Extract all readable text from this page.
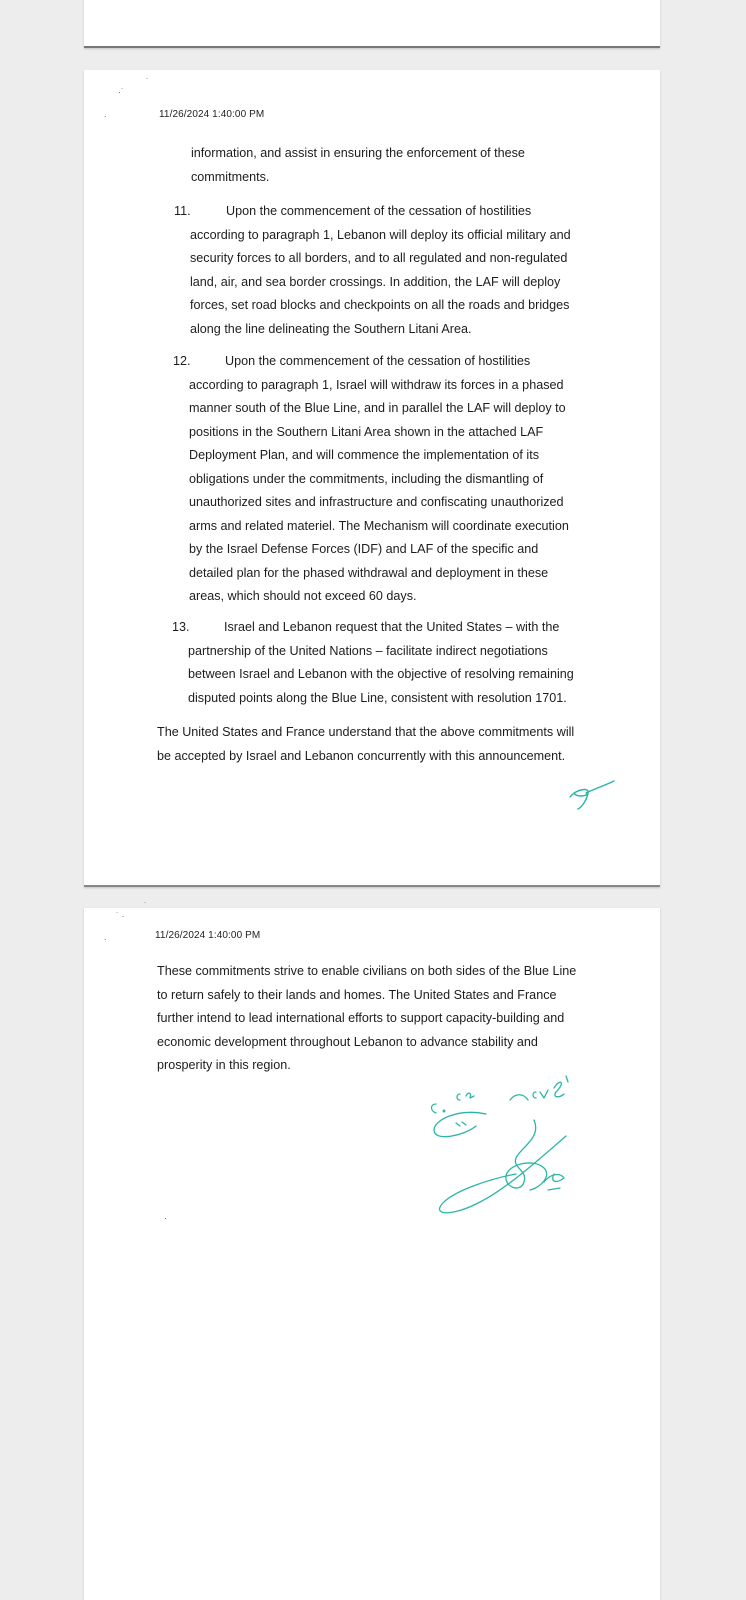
·˙
˙
.	11/26/2024 1:40:00 PM

information, and assist in ensuring the enforcement of these
commitments.

11.	Upon the commencement of the cessation of hostilities
according to paragraph 1, Lebanon will deploy its official military and
security forces to all borders, and to all regulated and non-regulated
land, air, and sea border crossings. In addition, the LAF will deploy
forces, set road blocks and checkpoints on all the roads and bridges
along the line delineating the Southern Litani Area.

12.	Upon the commencement of the cessation of hostilities
according to paragraph 1, Israel will withdraw its forces in a phased
manner south of the Blue Line, and in parallel the LAF will deploy to
positions in the Southern Litani Area shown in the attached LAF
Deployment Plan, and will commence the implementation of its
obligations under the commitments, including the dismantling of
unauthorized sites and infrastructure and confiscating unauthorized
arms and related materiel. The Mechanism will coordinate execution
by the Israel Defense Forces (IDF) and LAF of the specific and
detailed plan for the phased withdrawal and deployment in these
areas, which should not exceed 60 days.

13.	Israel and Lebanon request that the United States – with the
partnership of the United Nations – facilitate indirect negotiations
between Israel and Lebanon with the objective of resolving remaining
disputed points along the Blue Line, consistent with resolution 1701.

The United States and France understand that the above commitments will
be accepted by Israel and Lebanon concurrently with this announcement.

˙ ·
˙
.	11/26/2024 1:40:00 PM

These commitments strive to enable civilians on both sides of the Blue Line
to return safely to their lands and homes. The United States and France
further intend to lead international efforts to support capacity-building and
economic development throughout Lebanon to advance stability and
prosperity in this region.

·
